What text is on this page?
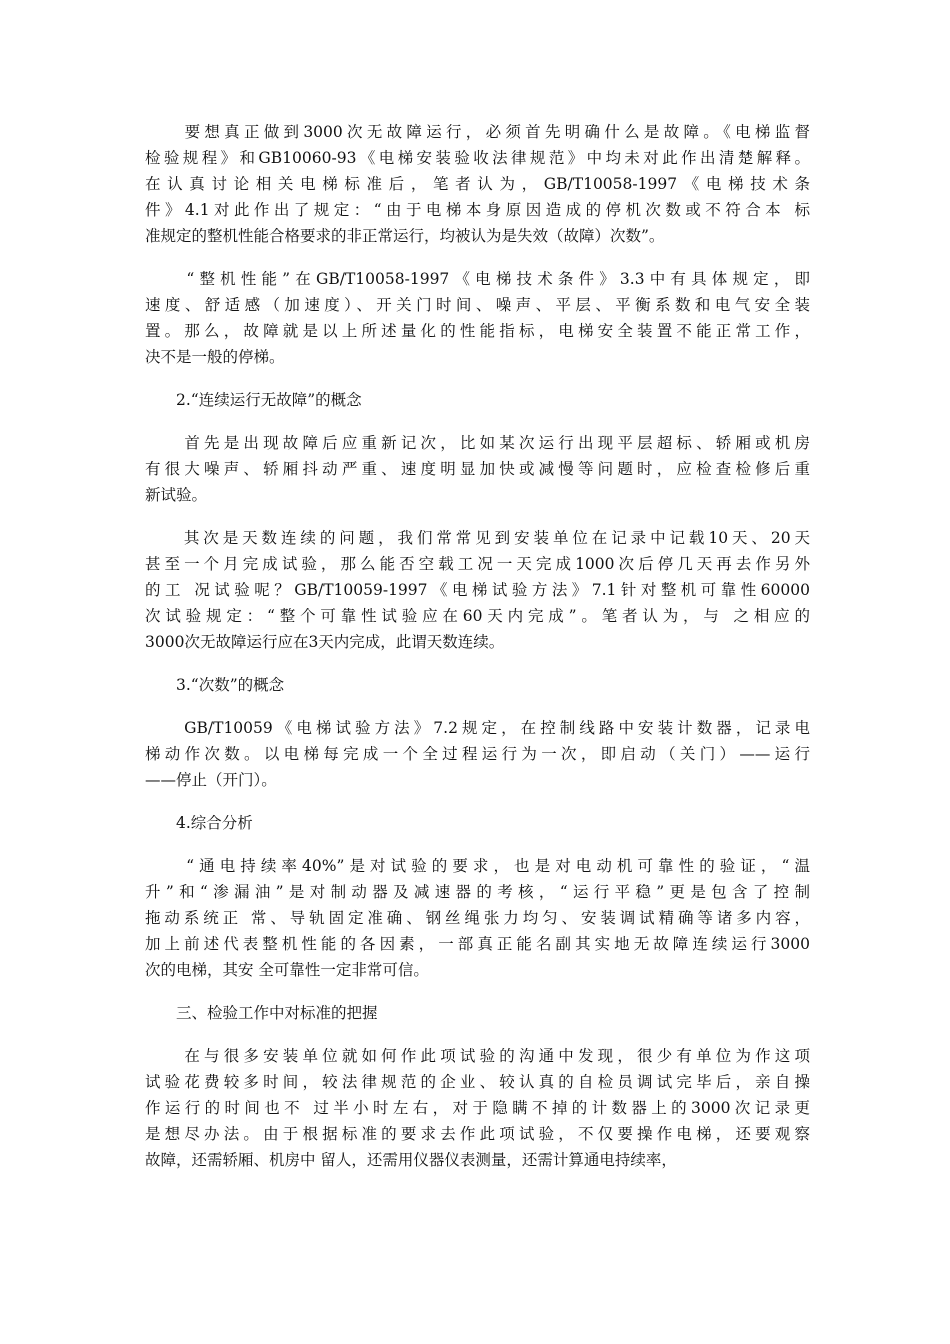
　　要想真正做到3000次无故障运行，必须首先明确什么是故障。《电梯监督
检验规程》和GB10060-93《电梯安装验收法律规范》中均未对此作出清楚解释。
在认真讨论相关电梯标准后，笔者认为，GB/T10058-1997《电梯技术条
件》4.1对此作出了规定：“由于电梯本身原因造成的停机次数或不符合本 标
准规定的整机性能合格要求的非正常运行，均被认为是失效（故障）次数”。
　　“整机性能”在GB/T10058-1997《电梯技术条件》3.3中有具体规定，即
速度、舒适感（加速度）、开关门时间、噪声、平层、平衡系数和电气安全装
置。那么，故障就是以上所述量化的性能指标，电梯安全装置不能正常工作，
决不是一般的停梯。
　　2.“连续运行无故障”的概念
　　首先是出现故障后应重新记次，比如某次运行出现平层超标、轿厢或机房
有很大噪声、轿厢抖动严重、速度明显加快或减慢等问题时，应检查检修后重
新试验。
　　其次是天数连续的问题，我们常常见到安装单位在记录中记载10天、20天
甚至一个月完成试验，那么能否空载工况一天完成1000次后停几天再去作另外
的工 况试验呢？GB/T10059-1997《电梯试验方法》7.1针对整机可靠性60000
次试验规定：“整个可靠性试验应在60天内完成”。笔者认为，与 之相应的
3000次无故障运行应在3天内完成，此谓天数连续。
　　3.“次数”的概念
　　GB/T10059《电梯试验方法》7.2规定，在控制线路中安装计数器，记录电
梯动作次数。以电梯每完成一个全过程运行为一次，即启动（关门）——运行
——停止（开门）。
　　4.综合分析
　　“通电持续率40%”是对试验的要求，也是对电动机可靠性的验证，“温
升”和“渗漏油”是对制动器及减速器的考核，“运行平稳”更是包含了控制
拖动系统正 常、导轨固定准确、钢丝绳张力均匀、安装调试精确等诸多内容，
加上前述代表整机性能的各因素，一部真正能名副其实地无故障连续运行3000
次的电梯，其安 全可靠性一定非常可信。
　　三、检验工作中对标准的把握
　　在与很多安装单位就如何作此项试验的沟通中发现，很少有单位为作这项
试验花费较多时间，较法律规范的企业、较认真的自检员调试完毕后，亲自操
作运行的时间也不 过半小时左右，对于隐瞒不掉的计数器上的3000次记录更
是想尽办法。由于根据标准的要求去作此项试验，不仅要操作电梯，还要观察
故障，还需轿厢、机房中 留人，还需用仪器仪表测量，还需计算通电持续率，
